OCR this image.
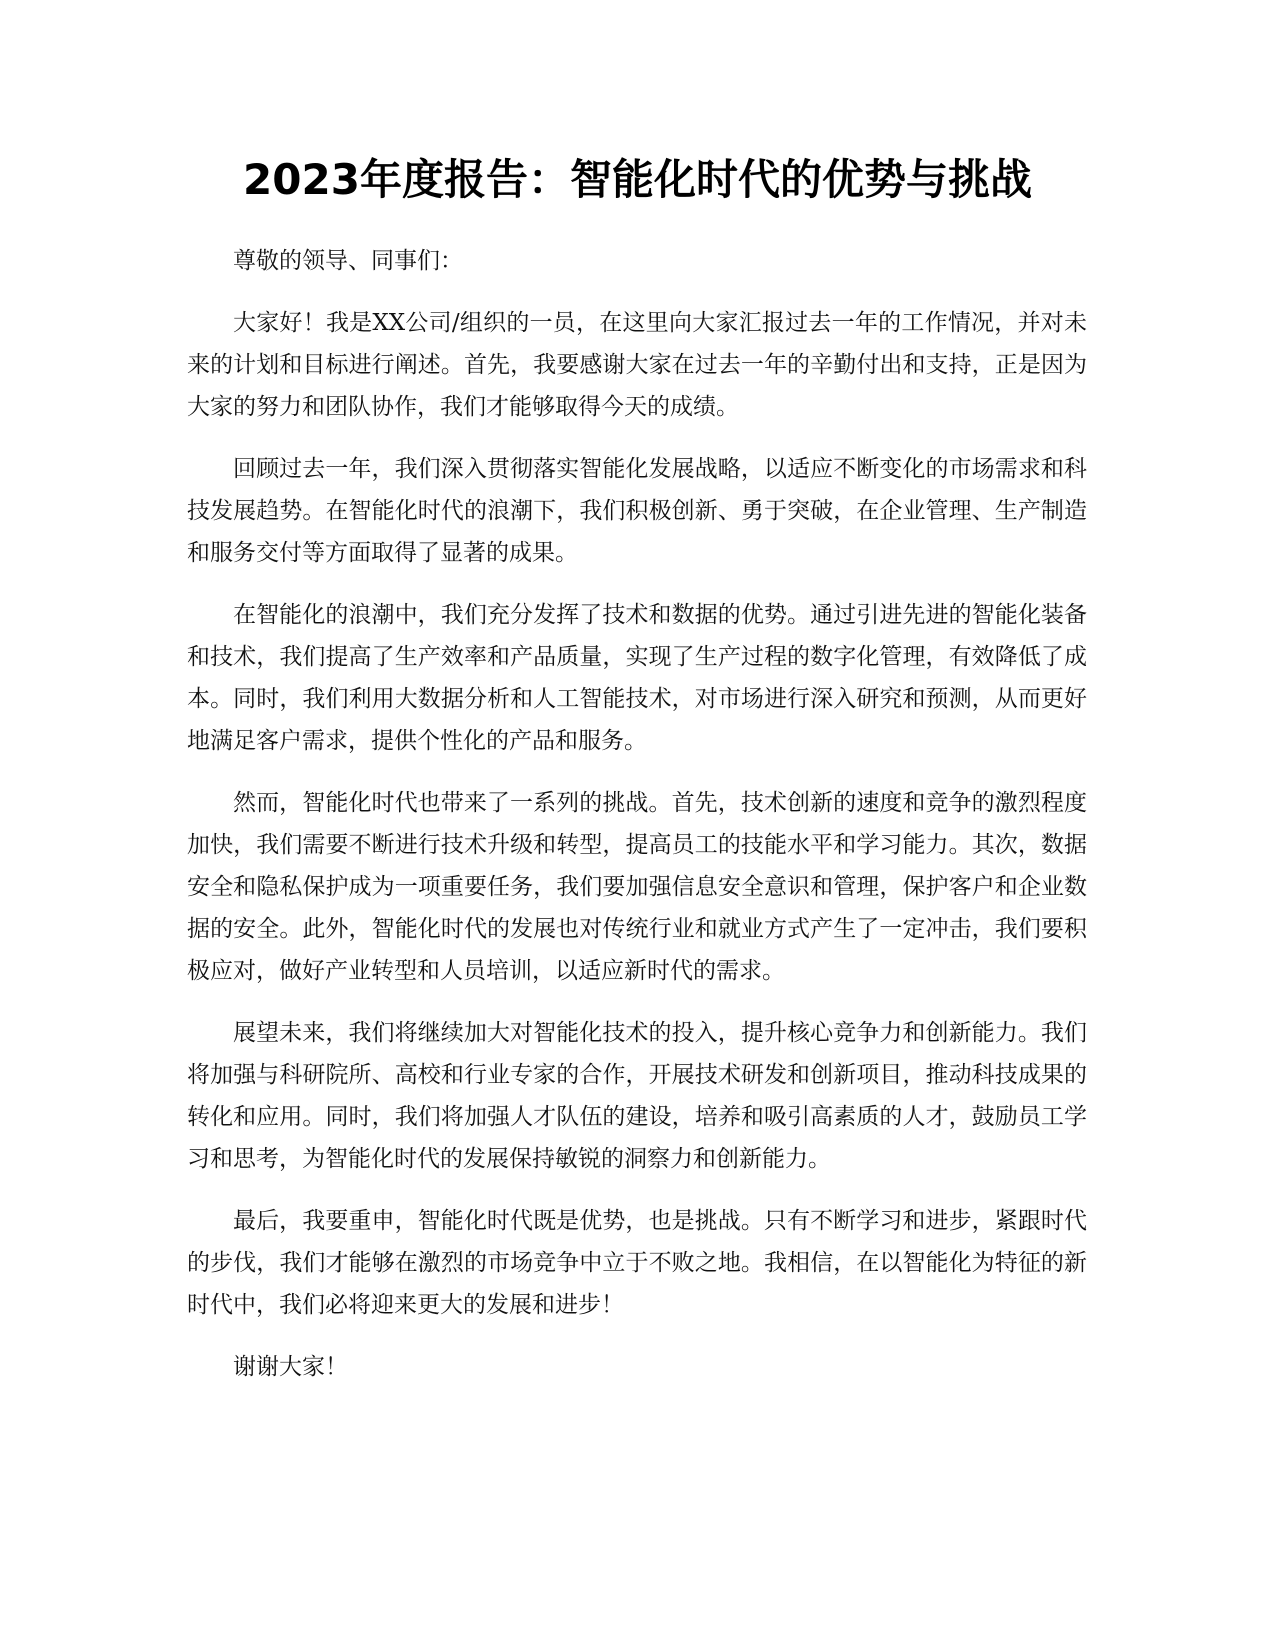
2023年度报告：智能化时代的优势与挑战

尊敬的领导、同事们：

大家好！我是XX公司/组织的一员，在这里向大家汇报过去一年的工作情况，并对未来的计划和目标进行阐述。首先，我要感谢大家在过去一年的辛勤付出和支持，正是因为大家的努力和团队协作，我们才能够取得今天的成绩。

回顾过去一年，我们深入贯彻落实智能化发展战略，以适应不断变化的市场需求和科技发展趋势。在智能化时代的浪潮下，我们积极创新、勇于突破，在企业管理、生产制造和服务交付等方面取得了显著的成果。

在智能化的浪潮中，我们充分发挥了技术和数据的优势。通过引进先进的智能化装备和技术，我们提高了生产效率和产品质量，实现了生产过程的数字化管理，有效降低了成本。同时，我们利用大数据分析和人工智能技术，对市场进行深入研究和预测，从而更好地满足客户需求，提供个性化的产品和服务。

然而，智能化时代也带来了一系列的挑战。首先，技术创新的速度和竞争的激烈程度加快，我们需要不断进行技术升级和转型，提高员工的技能水平和学习能力。其次，数据安全和隐私保护成为一项重要任务，我们要加强信息安全意识和管理，保护客户和企业数据的安全。此外，智能化时代的发展也对传统行业和就业方式产生了一定冲击，我们要积极应对，做好产业转型和人员培训，以适应新时代的需求。

展望未来，我们将继续加大对智能化技术的投入，提升核心竞争力和创新能力。我们将加强与科研院所、高校和行业专家的合作，开展技术研发和创新项目，推动科技成果的转化和应用。同时，我们将加强人才队伍的建设，培养和吸引高素质的人才，鼓励员工学习和思考，为智能化时代的发展保持敏锐的洞察力和创新能力。

最后，我要重申，智能化时代既是优势，也是挑战。只有不断学习和进步，紧跟时代的步伐，我们才能够在激烈的市场竞争中立于不败之地。我相信，在以智能化为特征的新时代中，我们必将迎来更大的发展和进步！

谢谢大家！
